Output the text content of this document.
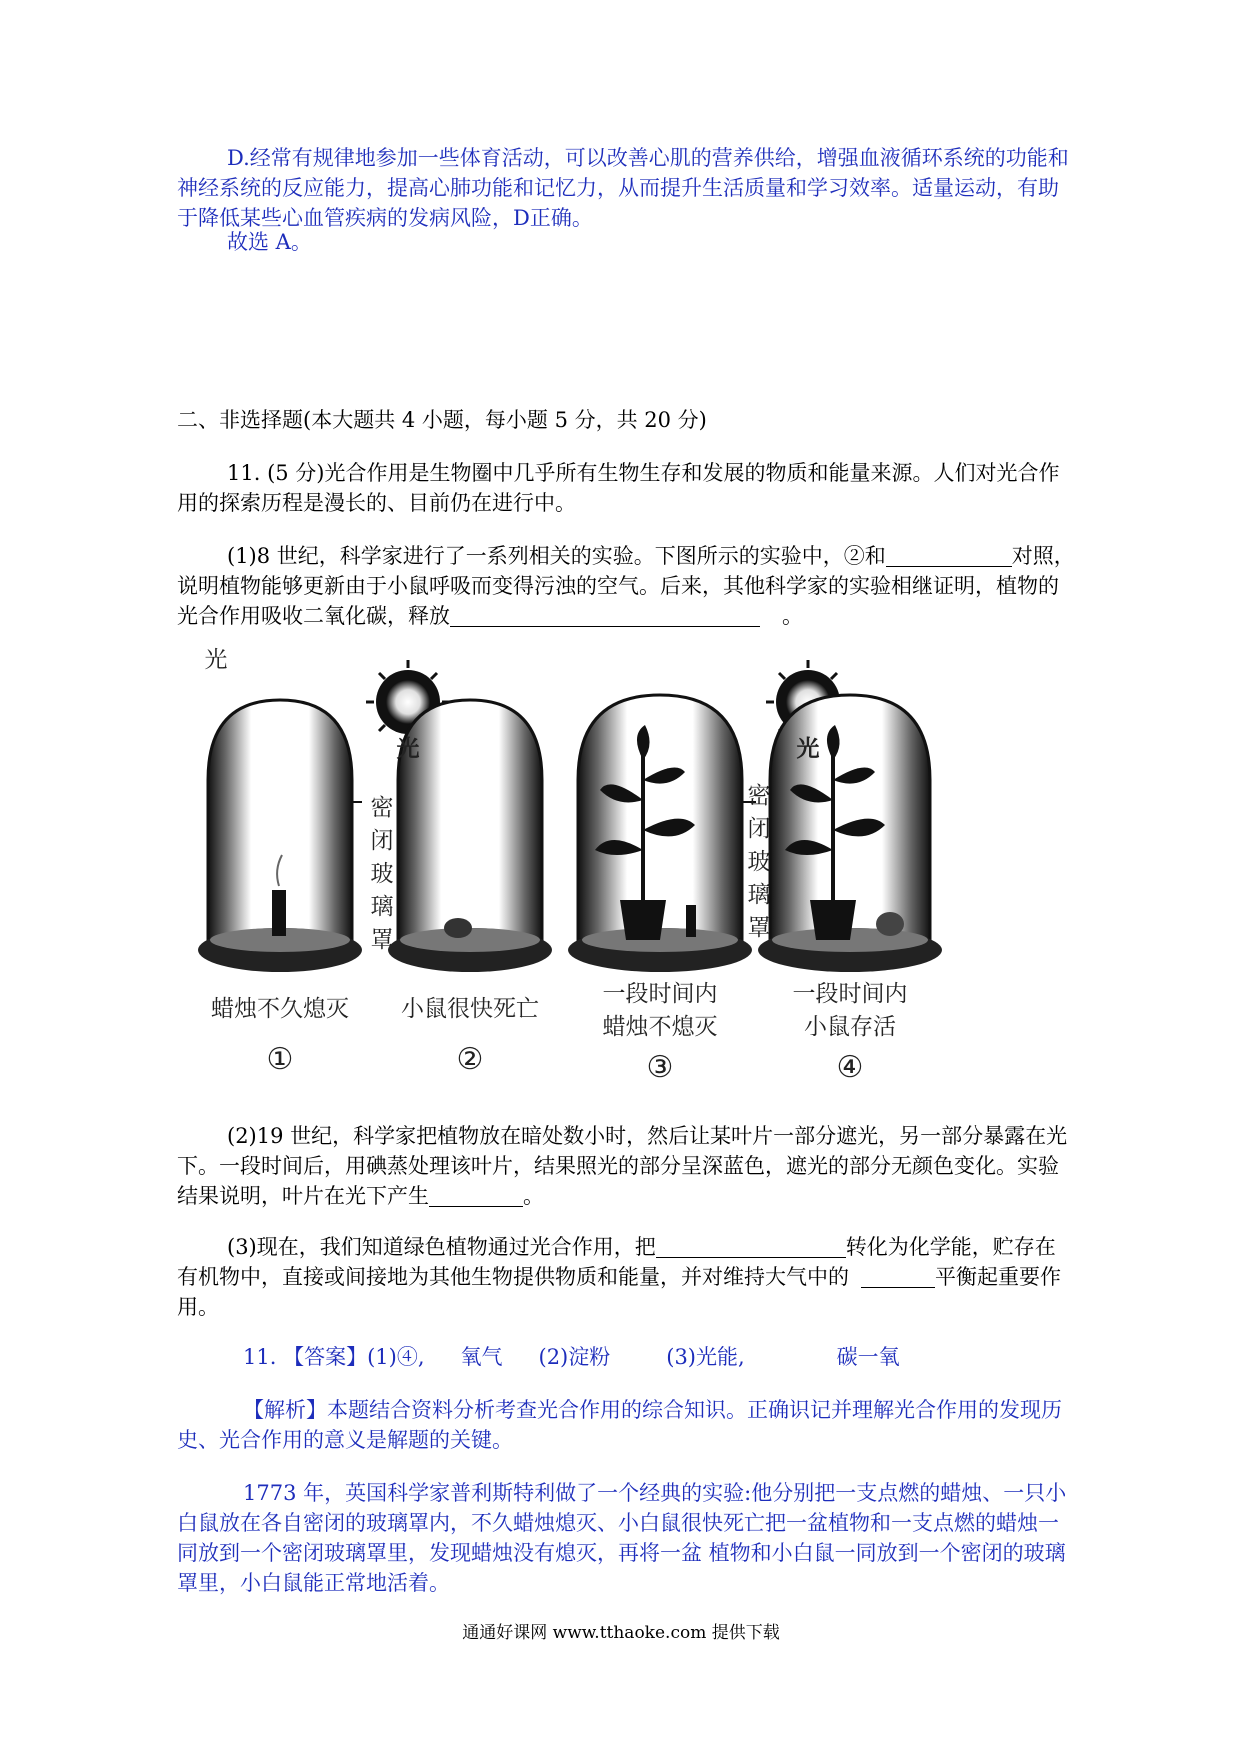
D.经常有规律地参加一些体育活动，可以改善心肌的营养供给，增强血液循环系统的功能和神经系统的反应能力，提高心肺功能和记忆力，从而提升生活质量和学习效率。适量运动，有助于降低某些心血管疾病的发病风险，D正确。

故选 A。

二、非选择题(本大题共 4 小题，每小题 5 分，共 20 分)

11. (5 分)光合作用是生物圈中几乎所有生物生存和发展的物质和能量来源。人们对光合作用的探索历程是漫长的、目前仍在进行中。

(1)8 世纪，科学家进行了一系列相关的实验。下图所示的实验中，②和	对照，说明植物能够更新由于小鼠呼吸而变得污浊的空气。后来，其他科学家的实验相继证明，植物的光合作用吸收二氧化碳，释放	。

光
光	光
密闭玻璃罩
密闭玻璃罩
蜡烛不久熄灭	小鼠很快死亡
一段时间内
蜡烛不熄灭
一段时间内
小鼠存活
①	②	③	④

(2)19 世纪，科学家把植物放在暗处数小时，然后让某叶片一部分遮光，另一部分暴露在光下。一段时间后，用碘蒸处理该叶片，结果照光的部分呈深蓝色，遮光的部分无颜色变化。实验结果说明，叶片在光下产生	。

(3)现在，我们知道绿色植物通过光合作用，把	转化为化学能，贮存在有机物中，直接或间接地为其他生物提供物质和能量，并对维持大气中的	平衡起重要作用。

11. 【答案】(1)④, 氧气 (2)淀粉	(3)光能,	碳一氧

【解析】本题结合资料分析考查光合作用的综合知识。正确识记并理解光合作用的发现历史、光合作用的意义是解题的关键。

1773 年，英国科学家普利斯特利做了一个经典的实验:他分别把一支点燃的蜡烛、一只小白鼠放在各自密闭的玻璃罩内，不久蜡烛熄灭、小白鼠很快死亡把一盆植物和一支点燃的蜡烛一同放到一个密闭玻璃罩里，发现蜡烛没有熄灭，再将一盆 植物和小白鼠一同放到一个密闭的玻璃罩里，小白鼠能正常地活着。

通通好课网 www.tthaoke.com 提供下载
